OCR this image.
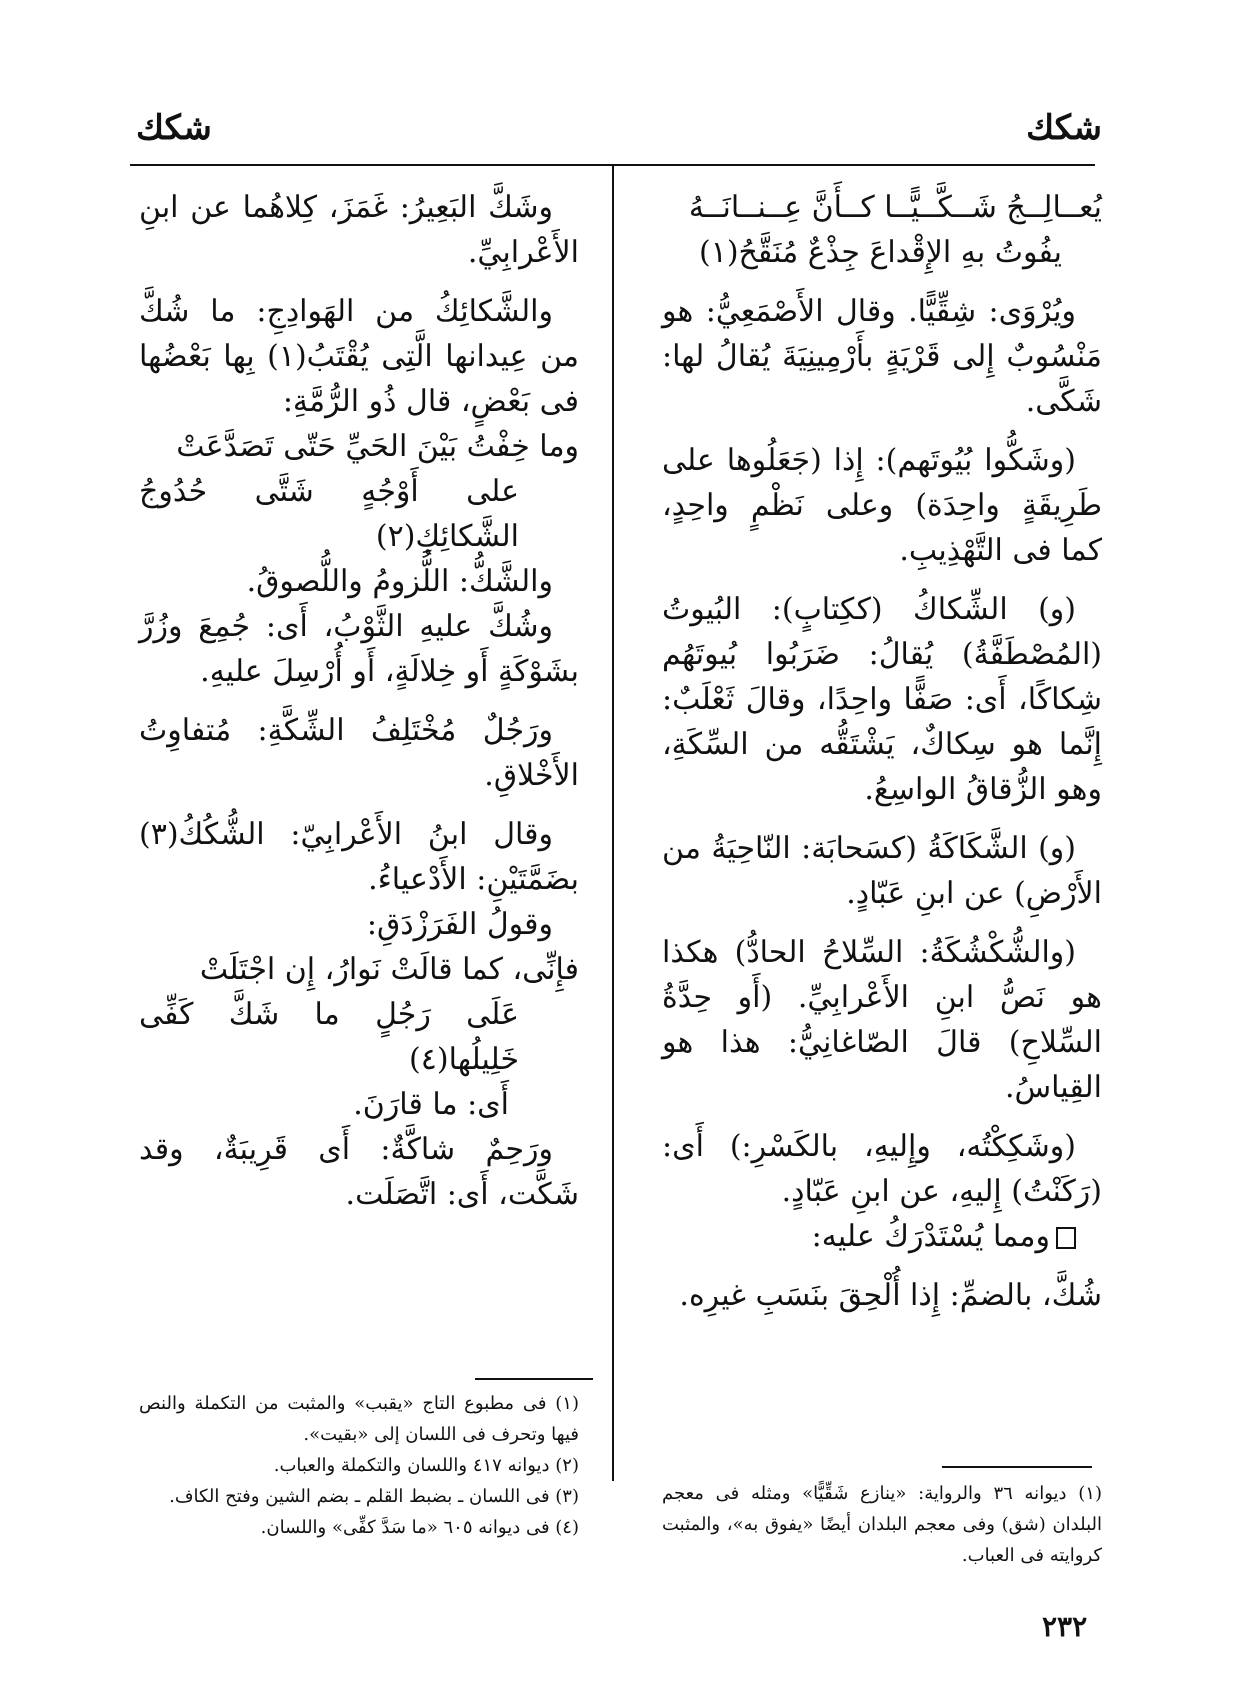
شكك
شكك
يُعــالِــجُ شَــكَّــيًّــا كــأَنَّ عِــنــانَــهُ
يفُوتُ بهِ الإِقْداعَ جِذْعٌ مُنَقَّحُ(١)

ويُرْوَى: شِقِّيًّا. وقال الأَصْمَعِيُّ: هو مَنْسُوبٌ إِلى قَرْيَةٍ بأَرْمِينِيَةَ يُقالُ لها: شَكَّى.

(وشَكُّوا بُيُوتَهم): إِذا (جَعَلُوها على طَرِيقَةٍ واحِدَة) وعلى نَظْمٍ واحِدٍ، كما فى التَّهْذِيبِ.

(و) الشِّكاكُ (ككِتابٍ): البُيوتُ (المُصْطَفَّةُ) يُقالُ: ضَرَبُوا بُيوتَهُم شِكاكًا، أَى: صَفًّا واحِدًا، وقالَ ثَعْلَبٌ: إِنَّما هو سِكاكٌ، يَشْتَقُّه من السِّكَةِ، وهو الزُّقاقُ الواسِعُ.

(و) الشَّكَاكَةُ (كسَحابَة: النّاحِيَةُ من الأَرْضِ) عن ابنِ عَبّادٍ.

(والشُّكْشُكَةُ: السِّلاحُ الحادُّ) هكذا هو نَصُّ ابنِ الأَعْرابِيِّ. (أَو حِدَّةُ السِّلاحِ) قالَ الصّاغانِيُّ: هذا هو القِياسُ.

(وشَكِكْتُه، وإِليهِ، بالكَسْرِ:) أَى: (رَكَنْتُ) إِليهِ، عن ابنِ عَبّادٍ.

ومما يُسْتَدْرَكُ عليه:

شُكَّ، بالضمِّ: إِذا أُلْحِقَ بنَسَبِ غيرِه.

وشَكَّ البَعِيرُ: غَمَزَ، كِلاهُما عن ابنِ الأَعْرابِيِّ.

والشَّكائِكُ من الهَوادِجِ: ما شُكَّ من عِيدانها الَّتِى يُقْتَبُ(١) بِها بَعْضُها فى بَعْضٍ، قال ذُو الرُّمَّةِ:

وما خِفْتُ بَيْنَ الحَيِّ حَتّى تَصَدَّعَتْ
على أَوْجُهٍ شَتَّى حُدُوجُ الشَّكائِكِ(٢)

والشَّكُّ: اللُّزومُ واللُّصوقُ.

وشُكَّ عليهِ الثَّوْبُ، أَى: جُمِعَ وزُرَّ بشَوْكَةٍ أَو خِلالَةٍ، أَو أُرْسِلَ عليهِ.

ورَجُلٌ مُخْتَلِفُ الشِّكَّةِ: مُتفاوِتُ الأَخْلاقِ.

وقال ابنُ الأَعْرابِيّ: الشُّكُكُ(٣) بضَمَّتَيْنِ: الأَدْعياءُ.

وقولُ الفَرَزْدَقِ:

فإِنِّى، كما قالَتْ نَوارُ، إِن اجْتَلَتْ
عَلَى رَجُلٍ ما شَكَّ كَفِّى خَلِيلُها(٤)

أَى: ما قارَنَ.

ورَحِمٌ شاكَّةٌ: أَى قَرِيبَةٌ، وقد شَكَّت، أَى: اتَّصَلَت.

(١) ديوانه ٣٦ والرواية: «ينازع شَقِّيًّا» ومثله فى معجم البلدان (شق) وفى معجم البلدان أيضًا «يفوق به»، والمثبت كروايته فى العباب.

(١) فى مطبوع التاج «يقبب» والمثبت من التكملة والنص فيها وتحرف فى اللسان إلى «بقيت».

(٢) ديوانه ٤١٧ واللسان والتكملة والعباب.

(٣) فى اللسان ـ بضبط القلم ـ بضم الشين وفتح الكاف.

(٤) فى ديوانه ٦٠٥ «ما سَدَّ كفِّى» واللسان.

٢٣٢
